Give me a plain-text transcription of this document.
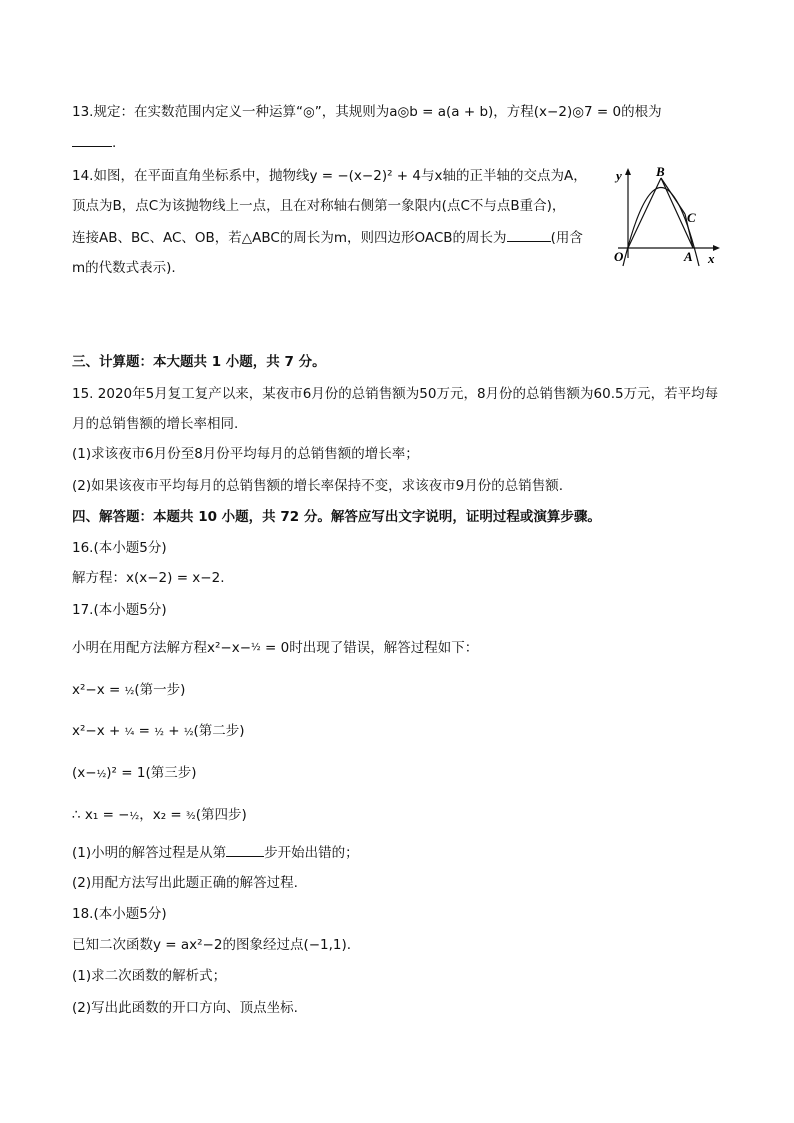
13.规定：在实数范围内定义一种运算“◎”，其规则为a◎b = a(a + b)，方程(x−2)◎7 = 0的根为
.
14.如图，在平面直角坐标系中，抛物线y = −(x−2)² + 4与x轴的正半轴的交点为A，
顶点为B，点C为该抛物线上一点，且在对称轴右侧第一象限内(点C不与点B重合)，
连接AB、BC、AC、OB，若△ABC的周长为m，则四边形OACB的周长为	(用含
m的代数式表示).
y	B
C
O	A x
三、计算题：本大题共 1 小题，共 7 分。
15. 2020年5月复工复产以来，某夜市6月份的总销售额为50万元，8月份的总销售额为60.5万元，若平均每
月的总销售额的增长率相同.
(1)求该夜市6月份至8月份平均每月的总销售额的增长率；
(2)如果该夜市平均每月的总销售额的增长率保持不变，求该夜市9月份的总销售额.
四、解答题：本题共 10 小题，共 72 分。解答应写出文字说明，证明过程或演算步骤。
16.(本小题5分)
解方程：x(x−2) = x−2.
17.(本小题5分)
小明在用配方法解方程x²−x−½ = 0时出现了错误，解答过程如下：
x²−x = ½(第一步)
x²−x + ¼ = ½ + ½(第二步)
(x−½)² = 1(第三步)
∴ x₁ = −½，x₂ = ³⁄₂(第四步)
(1)小明的解答过程是从第	步开始出错的；
(2)用配方法写出此题正确的解答过程.
18.(本小题5分)
已知二次函数y = ax²−2的图象经过点(−1,1).
(1)求二次函数的解析式；
(2)写出此函数的开口方向、顶点坐标.
